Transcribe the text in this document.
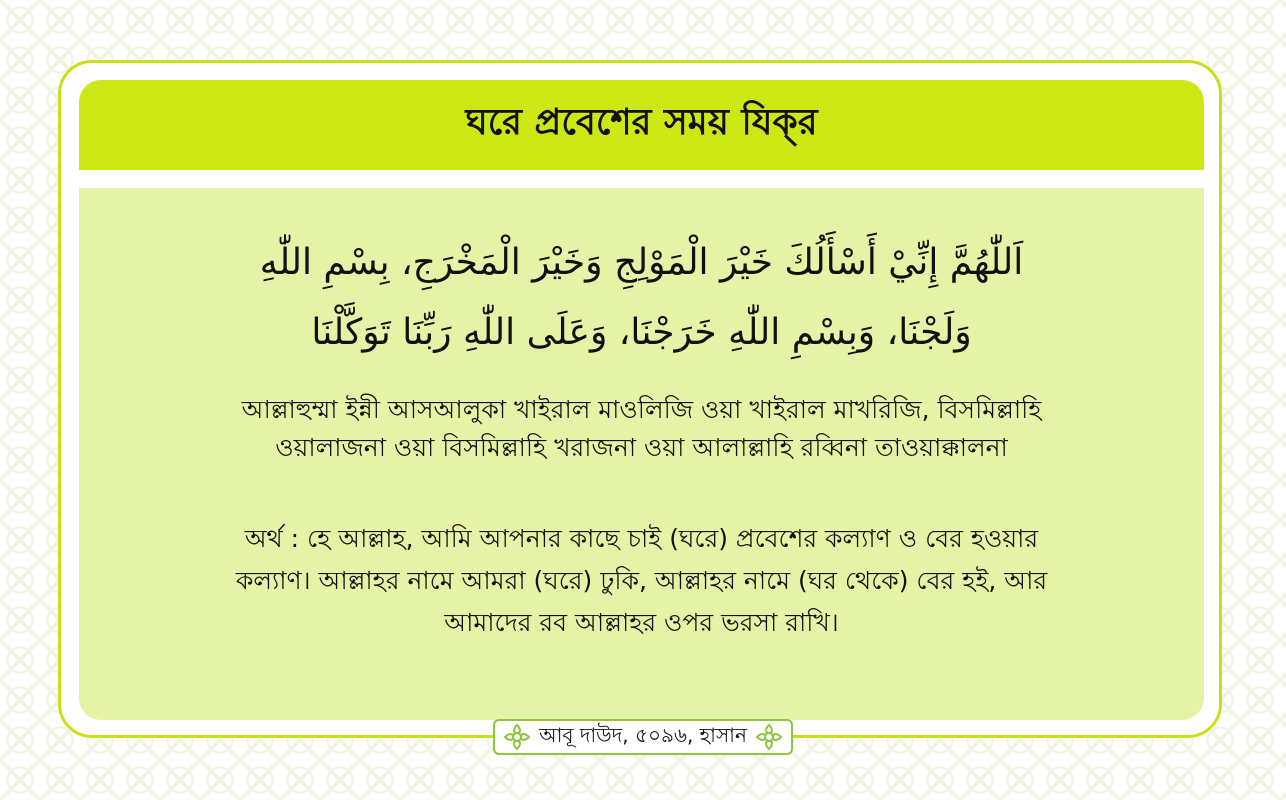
ঘরে প্রবেশের সময় যিক্‌র
اَللّٰهُمَّ إِنِّيْ أَسْأَلُكَ خَيْرَ الْمَوْلِجِ وَخَيْرَ الْمَخْرَجِ، بِسْمِ اللّٰهِ
وَلَجْنَا، وَبِسْمِ اللّٰهِ خَرَجْنَا، وَعَلَى اللّٰهِ رَبِّنَا تَوَكَّلْنَا
আল্লাহুম্মা ইন্নী আসআলুকা খাইরাল মাওলিজি ওয়া খাইরাল মাখরিজি, বিসমিল্লাহি
ওয়ালাজনা ওয়া বিসমিল্লাহি খরাজনা ওয়া আলাল্লাহি রব্বিনা তাওয়াক্কালনা
অর্থ : হে আল্লাহ, আমি আপনার কাছে চাই (ঘরে) প্রবেশের কল্যাণ ও বের হওয়ার
কল্যাণ। আল্লাহর নামে আমরা (ঘরে) ঢুকি, আল্লাহর নামে (ঘর থেকে) বের হই, আর
আমাদের রব আল্লাহর ওপর ভরসা রাখি।
আবূ দাউদ, ৫০৯৬, হাসান
